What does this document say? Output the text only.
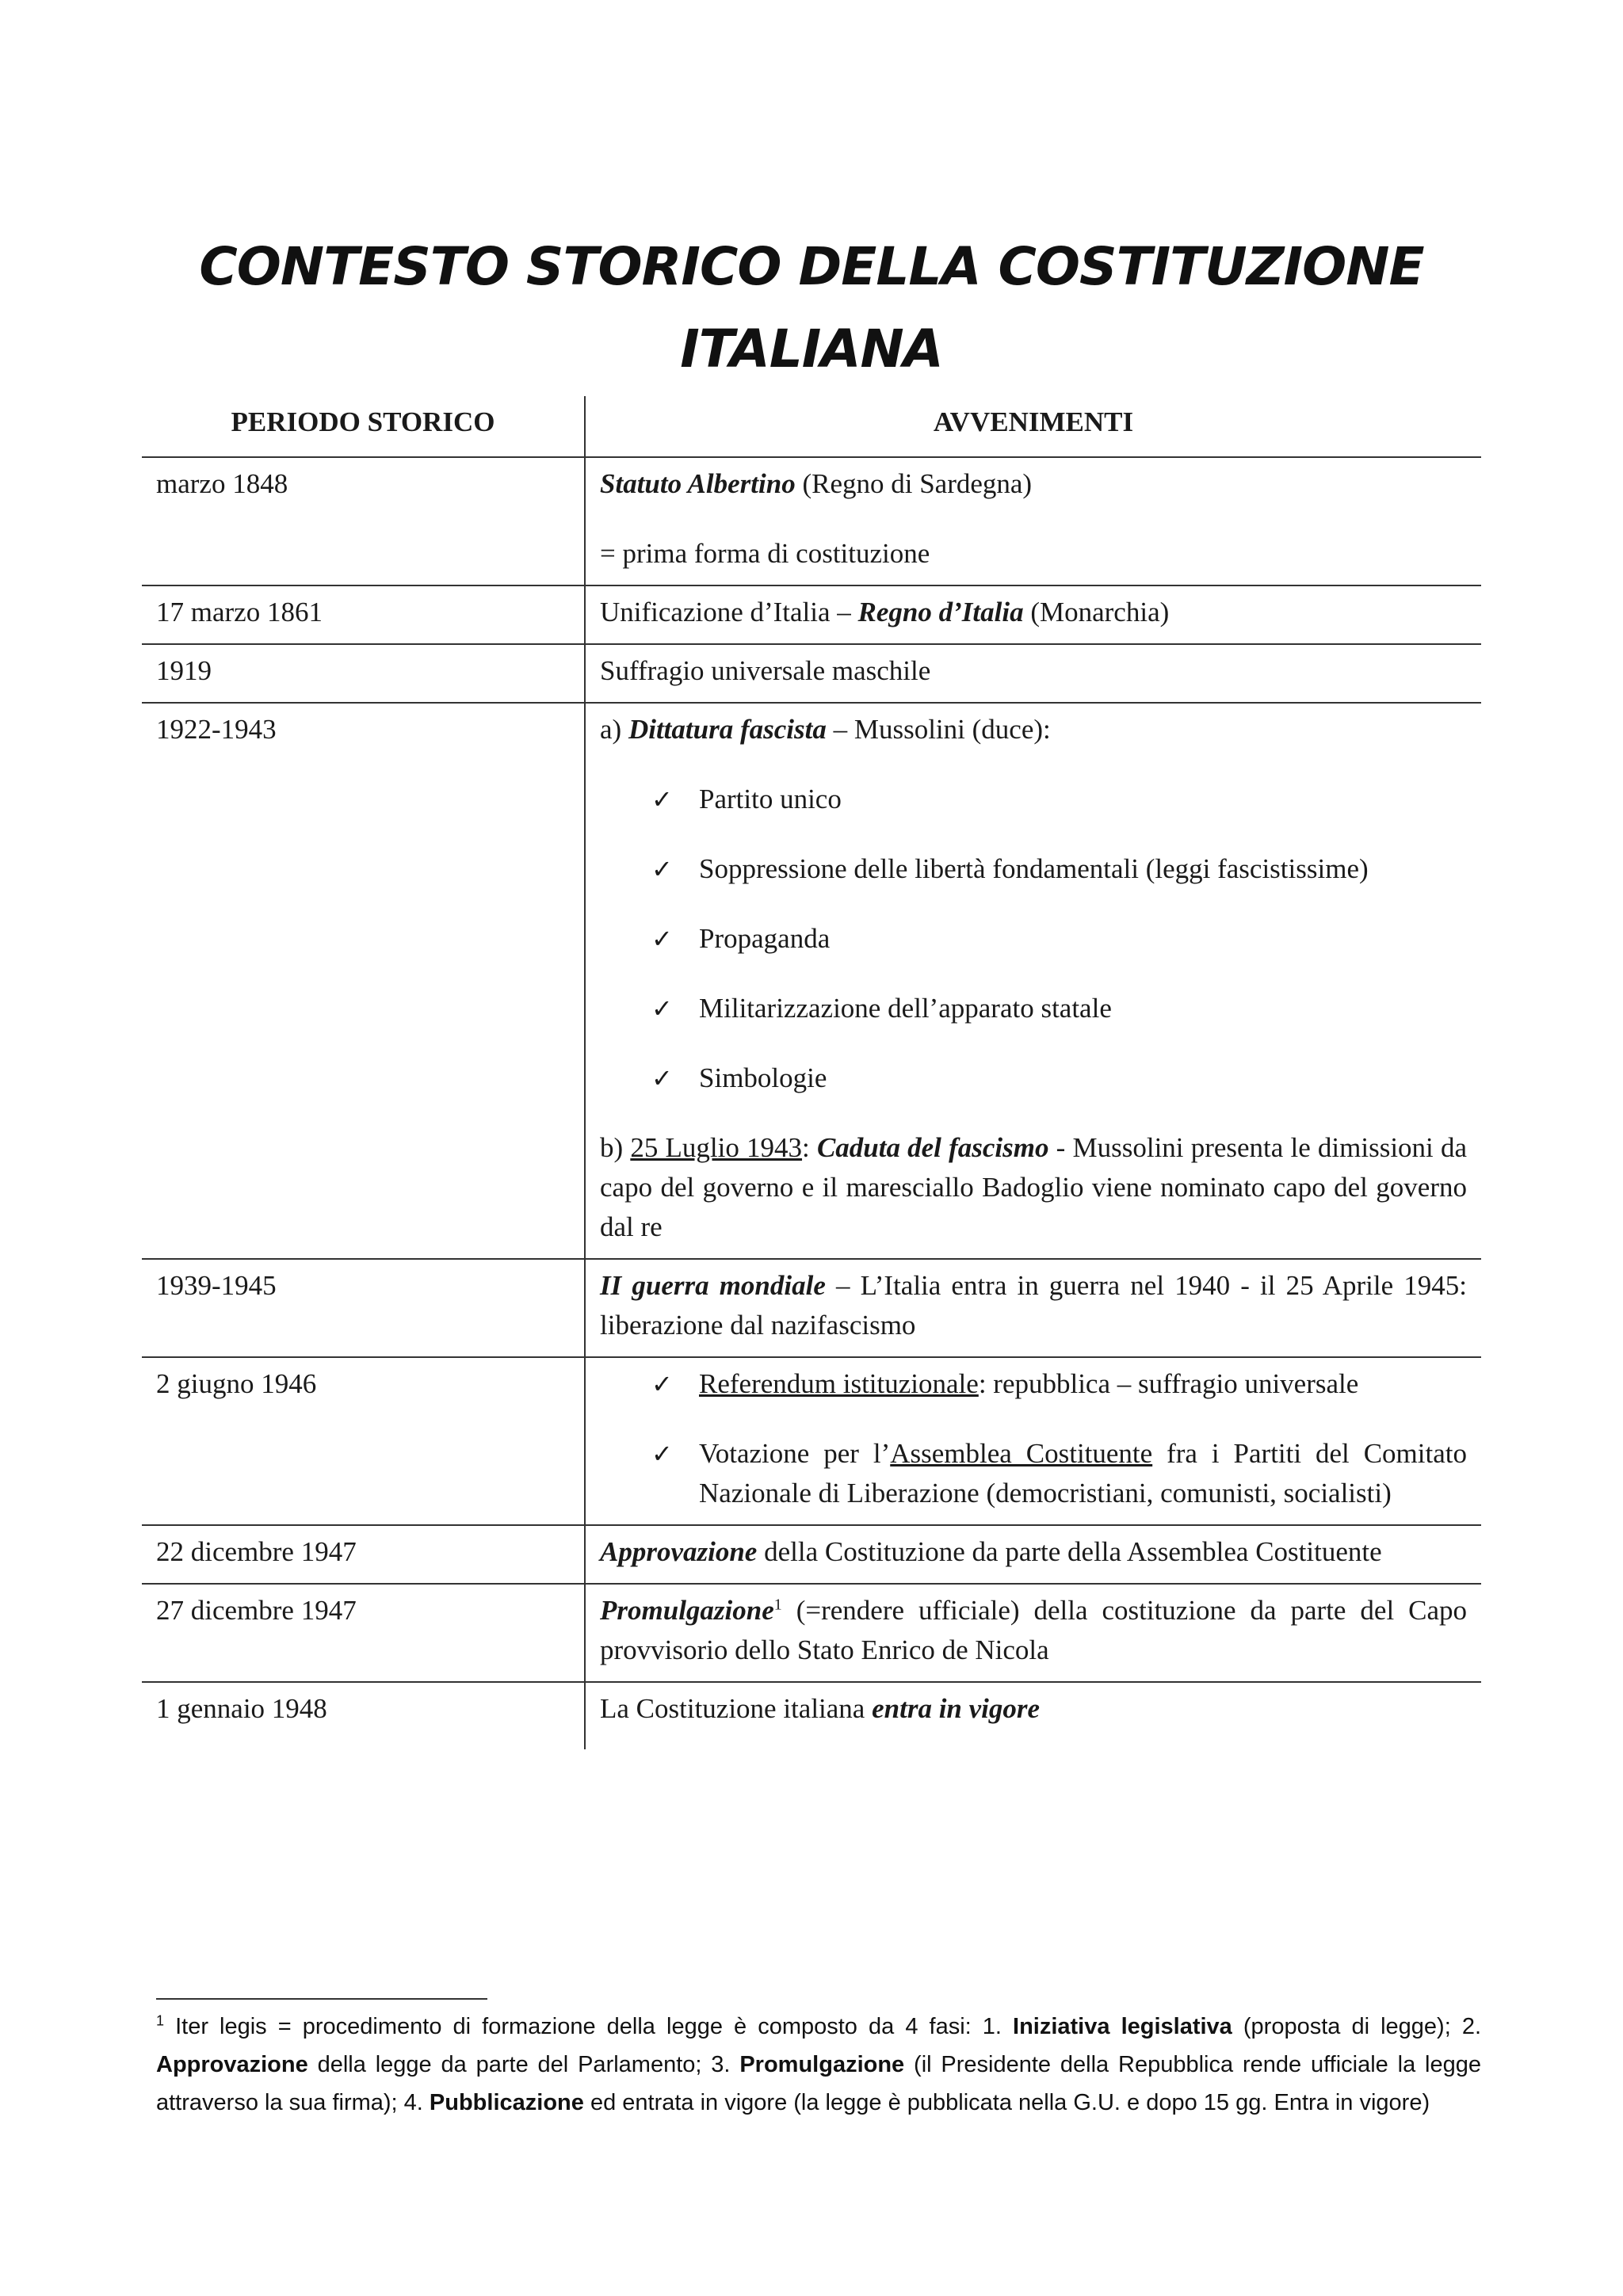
CONTESTO STORICO DELLA COSTITUZIONE ITALIANA
PERIODO STORICO	AVVENIMENTI
marzo 1848	Statuto Albertino (Regno di Sardegna)

= prima forma di costituzione

17 marzo 1861	Unificazione d’Italia – Regno d’Italia (Monarchia)

1919	Suffragio universale maschile

1922-1943	a) Dittatura fascista – Mussolini (duce):

✓ Partito unico
✓ Soppressione delle libertà fondamentali (leggi fascistissime)
✓ Propaganda
✓ Militarizzazione dell’apparato statale
✓ Simbologie

b) 25 Luglio 1943: Caduta del fascismo - Mussolini presenta le dimissioni da capo del governo e il maresciallo Badoglio viene nominato capo del governo dal re

1939-1945	II guerra mondiale – L’Italia entra in guerra nel 1940 - il 25 Aprile 1945: liberazione dal nazifascismo

2 giugno 1946	✓ Referendum istituzionale: repubblica – suffragio universale
✓ Votazione per l’Assemblea Costituente fra i Partiti del Comitato Nazionale di Liberazione (democristiani, comunisti, socialisti)
22 dicembre 1947	Approvazione della Costituzione da parte della Assemblea Costituente

27 dicembre 1947	Promulgazione$^1$ (=rendere ufficiale) della costituzione da parte del Capo provvisorio dello Stato Enrico de Nicola

1 gennaio 1948	La Costituzione italiana entra in vigore

$^1$ Iter legis = procedimento di formazione della legge è composto da 4 fasi: 1. Iniziativa legislativa (proposta di legge); 2. Approvazione della legge da parte del Parlamento; 3. Promulgazione (il Presidente della Repubblica rende ufficiale la legge attraverso la sua firma); 4. Pubblicazione ed entrata in vigore (la legge è pubblicata nella G.U. e dopo 15 gg. Entra in vigore)
